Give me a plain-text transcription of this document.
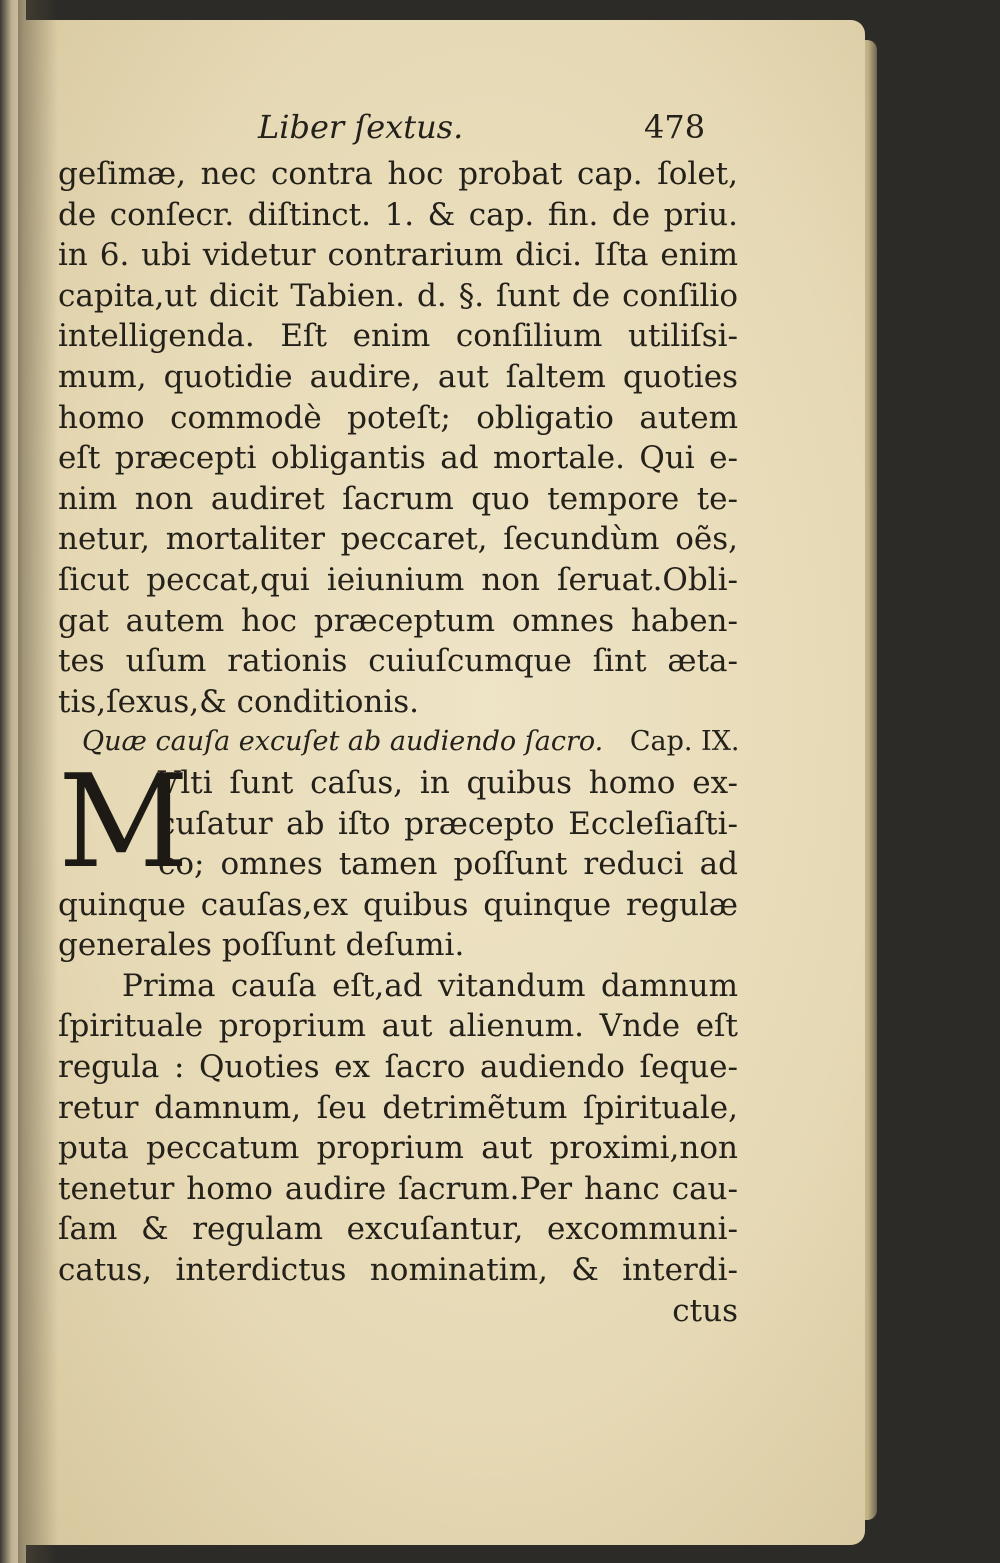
Liber ſextus.	478
geſimæ, nec contra hoc probat cap. ſolet,
de conſecr. diſtinct. 1. & cap. fin. de priu.
in 6. ubi videtur contrarium dici. Iſta enim
capita,ut dicit Tabien. d. §. ſunt de conſilio
intelligenda. Eſt enim conſilium utiliſsi-
mum, quotidie audire, aut ſaltem quoties
homo commodè poteſt; obligatio autem
eſt præcepti obligantis ad mortale. Qui e-
nim non audiret ſacrum quo tempore te-
netur, mortaliter peccaret, ſecundùm oẽs,
ſicut peccat,qui ieiunium non ſeruat.Obli-
gat autem hoc præceptum omnes haben-
tes uſum rationis cuiuſcumque ſint æta-
tis,ſexus,& conditionis.
Quæ cauſa excuſet ab audiendo ſacro. Cap. IX.
M
Vlti ſunt caſus, in quibus homo ex-
cuſatur ab iſto præcepto Eccleſiaſti-
co; omnes tamen poſſunt reduci ad
quinque cauſas,ex quibus quinque regulæ
generales poſſunt deſumi.
Prima cauſa eſt,ad vitandum damnum
ſpirituale proprium aut alienum. Vnde eſt
regula : Quoties ex ſacro audiendo ſeque-
retur damnum, ſeu detrimẽtum ſpirituale,
puta peccatum proprium aut proximi,non
tenetur homo audire ſacrum.Per hanc cau-
ſam & regulam excuſantur, excommuni-
catus, interdictus nominatim, & interdi-
ctus
